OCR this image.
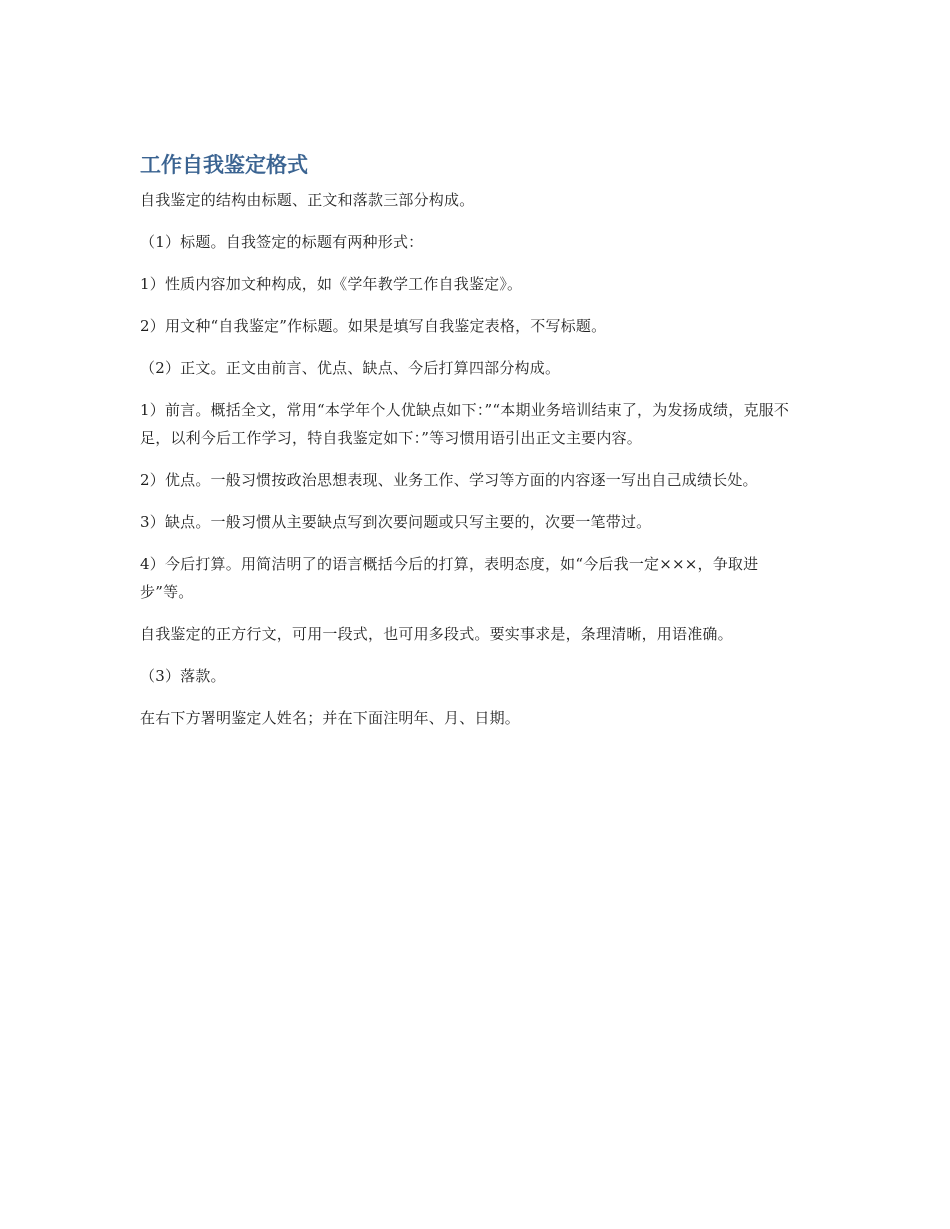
工作自我鉴定格式

自我鉴定的结构由标题、正文和落款三部分构成。

（1）标题。自我签定的标题有两种形式：

1）性质内容加文种构成，如《学年教学工作自我鉴定》。

2）用文种“自我鉴定”作标题。如果是填写自我鉴定表格，不写标题。

（2）正文。正文由前言、优点、缺点、今后打算四部分构成。

1）前言。概括全文，常用“本学年个人优缺点如下：”“本期业务培训结束了，为发扬成绩，克服不足，以利今后工作学习，特自我鉴定如下：”等习惯用语引出正文主要内容。

2）优点。一般习惯按政治思想表现、业务工作、学习等方面的内容逐一写出自己成绩长处。

3）缺点。一般习惯从主要缺点写到次要问题或只写主要的，次要一笔带过。

4）今后打算。用简洁明了的语言概括今后的打算，表明态度，如“今后我一定×××，争取进步”等。

自我鉴定的正方行文，可用一段式，也可用多段式。要实事求是，条理清晰，用语准确。

（3）落款。

在右下方署明鉴定人姓名；并在下面注明年、月、日期。
